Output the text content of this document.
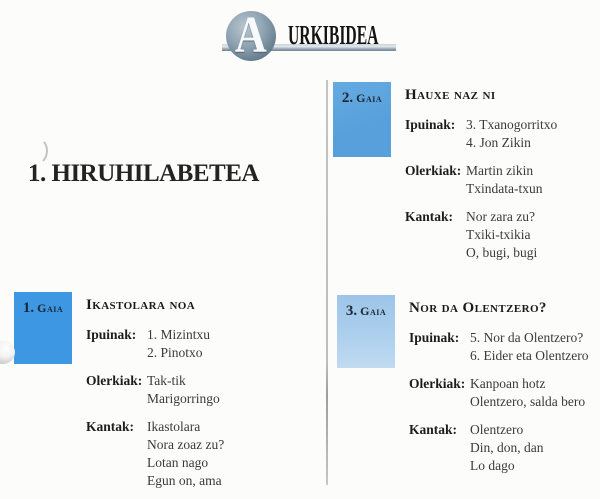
A URKIBIDEA
1. HIRUHILABETEA
1. Gaia	Ikastolara noa
Ipuinak: 1. Mizintxu
2. Pinotxo
Olerkiak: Tak-tik
Marigorringo
Kantak: Ikastolara
Nora zoaz zu?
Lotan nago
Egun on, ama
2. Gaia	Hauxe naz ni
Ipuinak: 3. Txanogorritxo
4. Jon Zikin
Olerkiak: Martin zikin
Txindata-txun
Kantak: Nor zara zu?
Txiki-txikia
O, bugi, bugi
3. Gaia	Nor da Olentzero?
Ipuinak: 5. Nor da Olentzero?
6. Eider eta Olentzero
Olerkiak: Kanpoan hotz
Olentzero, salda bero
Kantak: Olentzero
Din, don, dan
Lo dago
